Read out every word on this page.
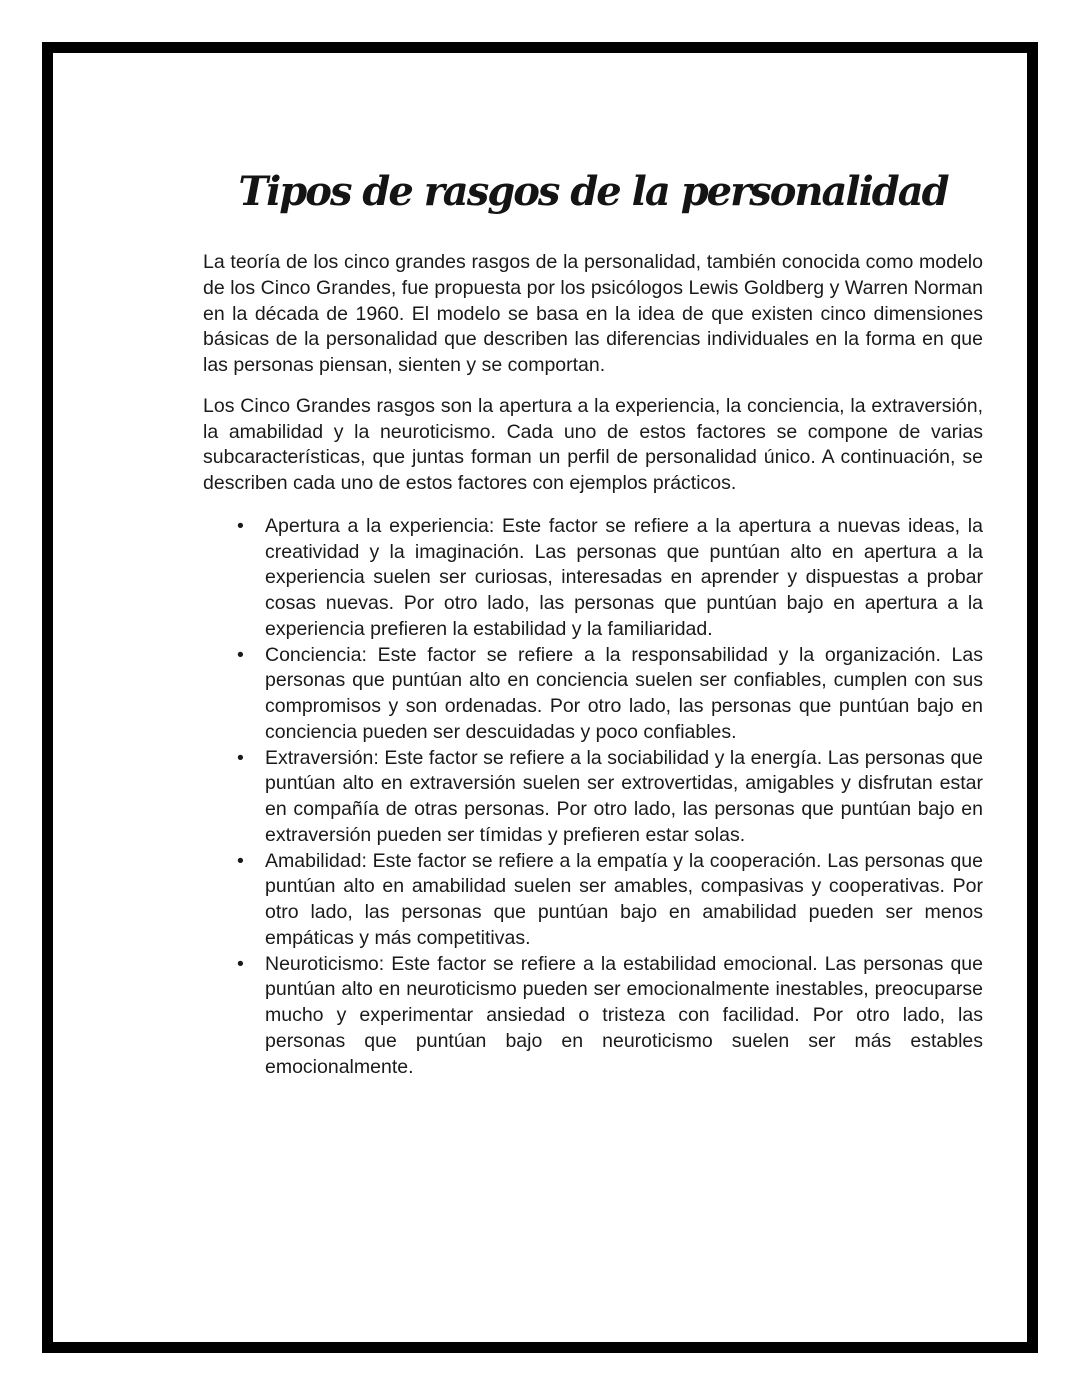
Tipos de rasgos de la personalidad

La teoría de los cinco grandes rasgos de la personalidad, también conocida como modelo de los Cinco Grandes, fue propuesta por los psicólogos Lewis Goldberg y Warren Norman en la década de 1960. El modelo se basa en la idea de que existen cinco dimensiones básicas de la personalidad que describen las diferencias individuales en la forma en que las personas piensan, sienten y se comportan.

Los Cinco Grandes rasgos son la apertura a la experiencia, la conciencia, la extraversión, la amabilidad y la neuroticismo. Cada uno de estos factores se compone de varias subcaracterísticas, que juntas forman un perfil de personalidad único. A continuación, se describen cada uno de estos factores con ejemplos prácticos.

• Apertura a la experiencia: Este factor se refiere a la apertura a nuevas ideas, la creatividad y la imaginación. Las personas que puntúan alto en apertura a la experiencia suelen ser curiosas, interesadas en aprender y dispuestas a probar cosas nuevas. Por otro lado, las personas que puntúan bajo en apertura a la experiencia prefieren la estabilidad y la familiaridad.
• Conciencia: Este factor se refiere a la responsabilidad y la organización. Las personas que puntúan alto en conciencia suelen ser confiables, cumplen con sus compromisos y son ordenadas. Por otro lado, las personas que puntúan bajo en conciencia pueden ser descuidadas y poco confiables.
• Extraversión: Este factor se refiere a la sociabilidad y la energía. Las personas que puntúan alto en extraversión suelen ser extrovertidas, amigables y disfrutan estar en compañía de otras personas. Por otro lado, las personas que puntúan bajo en extraversión pueden ser tímidas y prefieren estar solas.
• Amabilidad: Este factor se refiere a la empatía y la cooperación. Las personas que puntúan alto en amabilidad suelen ser amables, compasivas y cooperativas. Por otro lado, las personas que puntúan bajo en amabilidad pueden ser menos empáticas y más competitivas.
• Neuroticismo: Este factor se refiere a la estabilidad emocional. Las personas que puntúan alto en neuroticismo pueden ser emocionalmente inestables, preocuparse mucho y experimentar ansiedad o tristeza con facilidad. Por otro lado, las personas que puntúan bajo en neuroticismo suelen ser más estables emocionalmente.
